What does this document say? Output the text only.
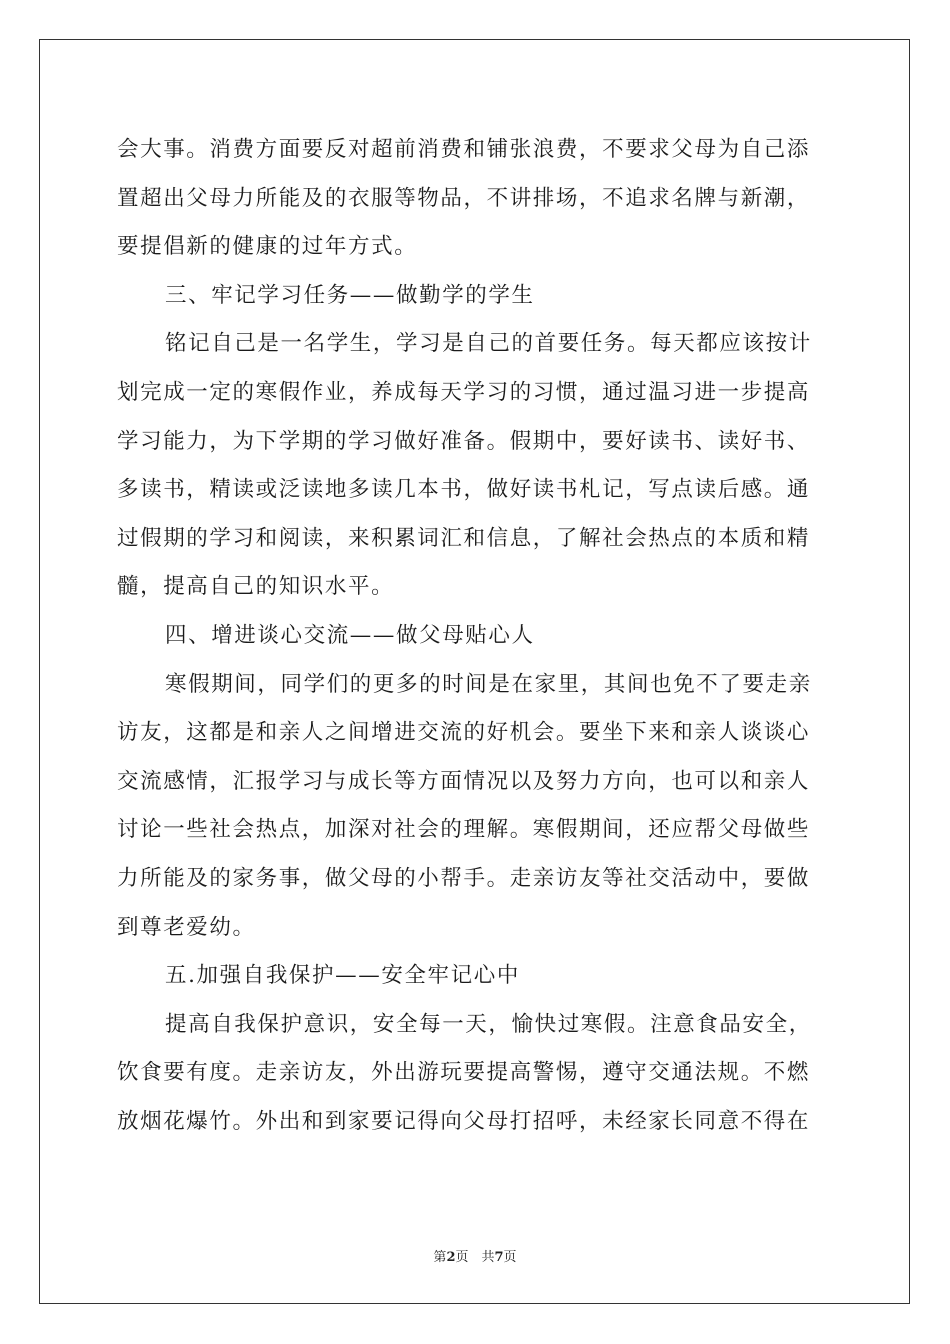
会大事。消费方面要反对超前消费和铺张浪费，不要求父母为自己添
置超出父母力所能及的衣服等物品，不讲排场，不追求名牌与新潮，
要提倡新的健康的过年方式。
三、牢记学习任务——做勤学的学生
铭记自己是一名学生，学习是自己的首要任务。每天都应该按计
划完成一定的寒假作业，养成每天学习的习惯，通过温习进一步提高
学习能力，为下学期的学习做好准备。假期中，要好读书、读好书、
多读书，精读或泛读地多读几本书，做好读书札记，写点读后感。通
过假期的学习和阅读，来积累词汇和信息，了解社会热点的本质和精
髓，提高自己的知识水平。
四、增进谈心交流——做父母贴心人
寒假期间，同学们的更多的时间是在家里，其间也免不了要走亲
访友，这都是和亲人之间增进交流的好机会。要坐下来和亲人谈谈心
交流感情，汇报学习与成长等方面情况以及努力方向，也可以和亲人
讨论一些社会热点，加深对社会的理解。寒假期间，还应帮父母做些
力所能及的家务事，做父母的小帮手。走亲访友等社交活动中，要做
到尊老爱幼。
五.加强自我保护——安全牢记心中
提高自我保护意识，安全每一天，愉快过寒假。注意食品安全，
饮食要有度。走亲访友，外出游玩要提高警惕，遵守交通法规。不燃
放烟花爆竹。外出和到家要记得向父母打招呼，未经家长同意不得在
第2页　共7页
